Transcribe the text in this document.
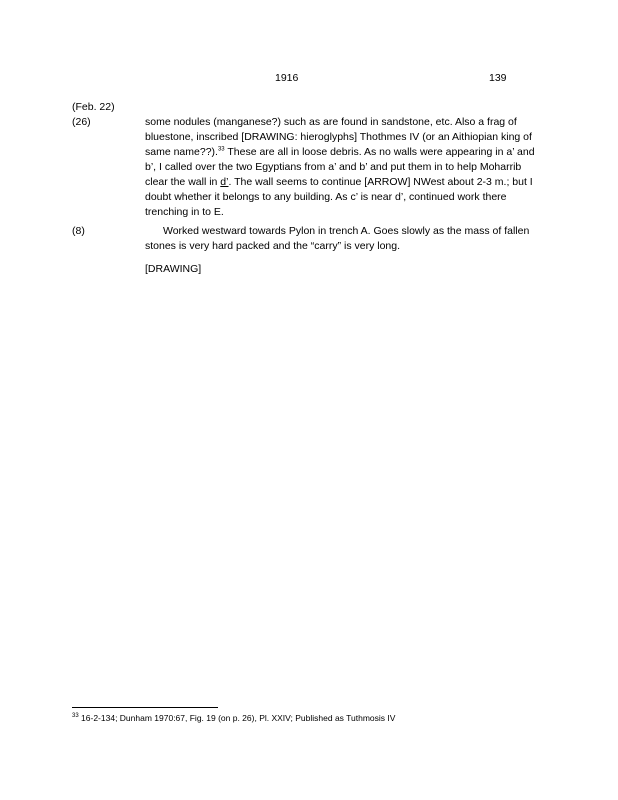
1916	139
(Feb. 22)
(26)	some nodules (manganese?) such as are found in sandstone, etc. Also a frag of bluestone, inscribed [DRAWING: hieroglyphs] Thothmes IV (or an Aithiopian king of same name??).$^{33}$ These are all in loose debris. As no walls were appearing in a’ and b’, I called over the two Egyptians from a’ and b’ and put them in to help Moharrib clear the wall in d’. The wall seems to continue [ARROW] NWest about 2-3 m.; but I doubt whether it belongs to any building. As c’ is near d’, continued work there trenching in to E.
(8)	Worked westward towards Pylon in trench A. Goes slowly as the mass of fallen stones is very hard packed and the “carry” is very long.
[DRAWING]
$^{33}$ 16-2-134; Dunham 1970:67, Fig. 19 (on p. 26), Pl. XXIV; Published as Tuthmosis IV
